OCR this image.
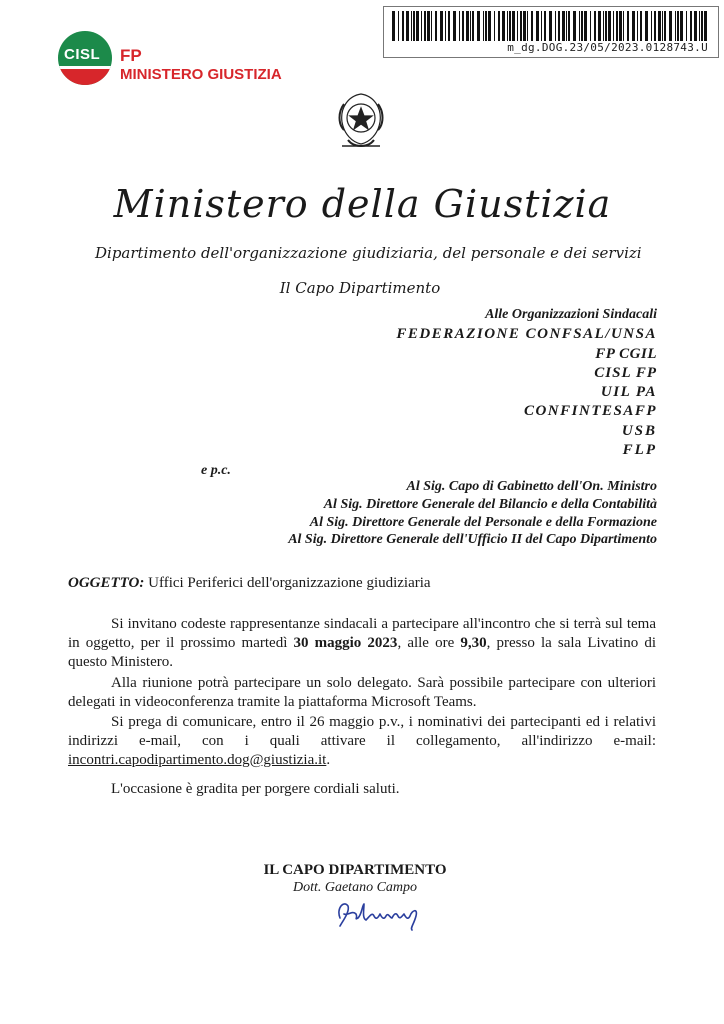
CISL FP
MINISTERO GIUSTIZIA
m_dg.DOG.23/05/2023.0128743.U
Ministero della Giustizia
Dipartimento dell'organizzazione giudiziaria, del personale e dei servizi
Il Capo Dipartimento
Alle Organizzazioni Sindacali
FEDERAZIONE CONFSAL/UNSA
FP CGIL
CISL FP
UIL PA
CONFINTESAFP
USB
FLP
e p.c.
Al Sig. Capo di Gabinetto dell'On. Ministro
Al Sig. Direttore Generale del Bilancio e della Contabilità
Al Sig. Direttore Generale del Personale e della Formazione
Al Sig. Direttore Generale dell'Ufficio II del Capo Dipartimento
OGGETTO: Uffici Periferici dell'organizzazione giudiziaria
Si invitano codeste rappresentanze sindacali a partecipare all'incontro che si terrà sul tema in oggetto, per il prossimo martedì 30 maggio 2023, alle ore 9,30, presso la sala Livatino di questo Ministero.
Alla riunione potrà partecipare un solo delegato. Sarà possibile partecipare con ulteriori delegati in videoconferenza tramite la piattaforma Microsoft Teams.
Si prega di comunicare, entro il 26 maggio p.v., i nominativi dei partecipanti ed i relativi indirizzi e-mail, con i quali attivare il collegamento, all'indirizzo e-mail: incontri.capodipartimento.dog@giustizia.it.
L'occasione è gradita per porgere cordiali saluti.
IL CAPO DIPARTIMENTO
Dott. Gaetano Campo
